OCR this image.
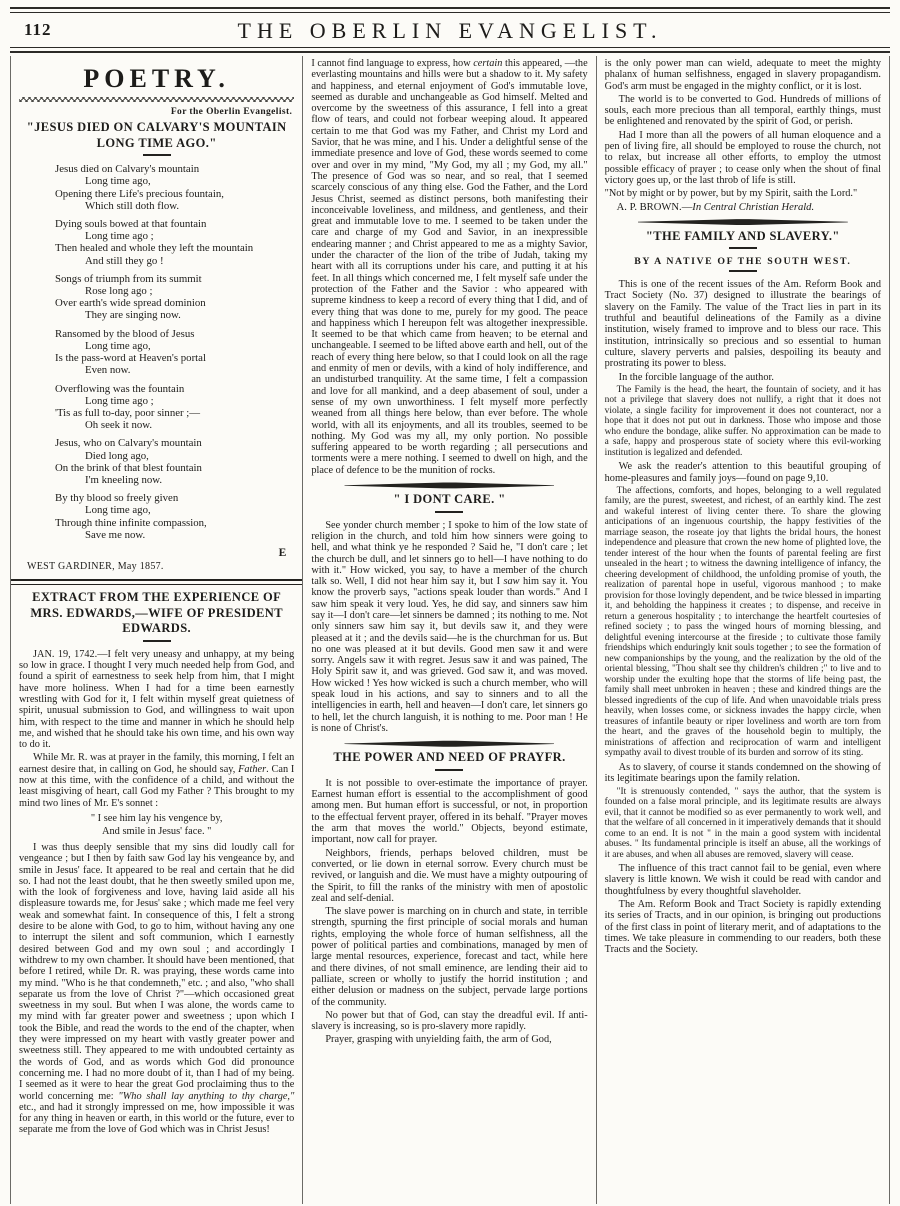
112	THE OBERLIN EVANGELIST.
POETRY.
For the Oberlin Evangelist.
"JESUS DIED ON CALVARY'S MOUNTAIN LONG TIME AGO."
Jesus died on Calvary's mountain
Long time ago,
Opening there Life's precious fountain,
Which still doth flow.
Dying souls bowed at that fountain
Long time ago ;
Then healed and whole they left the mountain
And still they go !
Songs of triumph from its summit
Rose long ago ;
Over earth's wide spread dominion
They are singing now.
Ransomed by the blood of Jesus
Long time ago,
Is the pass-word at Heaven's portal
Even now.
Overflowing was the fountain
Long time ago ;
'Tis as full to-day, poor sinner ;—
Oh seek it now.
Jesus, who on Calvary's mountain
Died long ago,
On the brink of that blest fountain
I'm kneeling now.
By thy blood so freely given
Long time ago,
Through thine infinite compassion,
Save me now.
E
WEST GARDINER, May 1857.
EXTRACT FROM THE EXPERIENCE OF MRS. EDWARDS,—WIFE OF PRESIDENT EDWARDS.
JAN. 19, 1742.—I felt very uneasy and unhappy, at my being so low in grace. I thought I very much needed help from God, and found a spirit of earnestness to seek help from him, that I might have more holiness. When I had for a time been earnestly wrestling with God for it, I felt within myself great quietness of spirit, unusual submission to God, and willingness to wait upon him, with respect to the time and manner in which he should help me, and wished that he should take his own time, and his own way to do it.
While Mr. R. was at prayer in the family, this morning, I felt an earnest desire that, in calling on God, he should say, Father. Can I now at this time, with the confidence of a child, and without the least misgiving of heart, call God my Father ? This brought to my mind two lines of Mr. E's sonnet :
" I see him lay his vengence by,
And smile in Jesus' face. "
I was thus deeply sensible that my sins did loudly call for vengeance ; but I then by faith saw God lay his vengeance by, and smile in Jesus' face. It appeared to be real and certain that he did so. I had not the least doubt, that he then sweetly smiled upon me, with the look of forgiveness and love, having laid aside all his displeasure towards me, for Jesus' sake ; which made me feel very weak and somewhat faint. In consequence of this, I felt a strong desire to be alone with God, to go to him, without having any one to interrupt the silent and soft communion, which I earnestly desired between God and my own soul ; and accordingly I withdrew to my own chamber. It should have been mentioned, that before I retired, while Dr. R. was praying, these words came into my mind. "Who is he that condemneth," etc. ; and also, "who shall separate us from the love of Christ ?"—which occasioned great sweetness in my soul. But when I was alone, the words came to my mind with far greater power and sweetness ; upon which I took the Bible, and read the words to the end of the chapter, when they were impressed on my heart with vastly greater power and sweetness still. They appeared to me with undoubted certainty as the words of God, and as words which God did pronounce concerning me. I had no more doubt of it, than I had of my being. I seemed as it were to hear the great God proclaiming thus to the world concerning me: "Who shall lay anything to thy charge," etc., and had it strongly impressed on me, how impossible it was for any thing in heaven or earth, in this world or the future, ever to separate me from the love of God which was in Christ Jesus!
I cannot find language to express, how certain this appeared, —the everlasting mountains and hills were but a shadow to it. My safety and happiness, and eternal enjoyment of God's immutable love, seemed as durable and unchangeable as God himself. Melted and overcome by the sweetness of this assurance, I fell into a great flow of tears, and could not forbear weeping aloud. It appeared certain to me that God was my Father, and Christ my Lord and Savior, that he was mine, and I his. Under a delightful sense of the immediate presence and love of God, these words seemed to come over and over in my mind, "My God, my all ; my God, my all." The presence of God was so near, and so real, that I seemed scarcely conscious of any thing else. God the Father, and the Lord Jesus Christ, seemed as distinct persons, both manifesting their inconceivable loveliness, and mildness, and gentleness, and their great and immutable love to me. I seemed to be taken under the care and charge of my God and Savior, in an inexpressible endearing manner ; and Christ appeared to me as a mighty Savior, under the character of the lion of the tribe of Judah, taking my heart with all its corruptions under his care, and putting it at his feet. In all things which concerned me, I felt myself safe under the protection of the Father and the Savior : who appeared with supreme kindness to keep a record of every thing that I did, and of every thing that was done to me, purely for my good. The peace and happiness which I hereupon felt was altogether inexpressible. It seemed to be that which came from heaven; to be eternal and unchangeable. I seemed to be lifted above earth and hell, out of the reach of every thing here below, so that I could look on all the rage and enmity of men or devils, with a kind of holy indifference, and an undisturbed tranquility. At the same time, I felt a compassion and love for all mankind, and a deep abasement of soul, under a sense of my own unworthiness. I felt myself more perfectly weaned from all things here below, than ever before. The whole world, with all its enjoyments, and all its troubles, seemed to be nothing. My God was my all, my only portion. No possible suffering appeared to be worth regarding ; all persecutions and torments were a mere nothing. I seemed to dwell on high, and the place of defence to be the munition of rocks.
" I DONT CARE. "
See yonder church member ; I spoke to him of the low state of religion in the church, and told him how sinners were going to hell, and what think ye he responded ? Said he, "I don't care ; let the church be dull, and let sinners go to hell—I have nothing to do with it." How wicked, you say, to have a member of the church talk so. Well, I did not hear him say it, but I saw him say it. You know the proverb says, "actions speak louder than words." And I saw him speak it very loud. Yes, he did say, and sinners saw him say it—I don't care—let sinners be damned ; its nothing to me. Not only sinners saw him say it, but devils saw it, and they were pleased at it ; and the devils said—he is the churchman for us. But no one was pleased at it but devils. Good men saw it and were sorry. Angels saw it with regret. Jesus saw it and was pained, The Holy Spirit saw it, and was grieved. God saw it, and was moved. How wicked ! Yes how wicked is such a church member, who will speak loud in his actions, and say to sinners and to all the intelligencies in earth, hell and heaven—I don't care, let sinners go to hell, let the church languish, it is nothing to me. Poor man ! He is none of Christ's.
THE POWER AND NEED OF PRAYFR.
It is not possible to over-estimate the importance of prayer. Earnest human effort is essential to the accomplishment of good among men. But human effort is successful, or not, in proportion to the effectual fervent prayer, offered in its behalf. "Prayer moves the arm that moves the world." Objects, beyond estimate, important, now call for prayer.
Neighbors, friends, perhaps beloved children, must be converted, or lie down in eternal sorrow. Every church must be revived, or languish and die. We must have a mighty outpouring of the Spirit, to fill the ranks of the ministry with men of apostolic zeal and self-denial.
The slave power is marching on in church and state, in terrible strength, spurning the first principle of social morals and human rights, employing the whole force of human selfishness, all the power of political parties and combinations, managed by men of large mental resources, experience, forecast and tact, while here and there divines, of not small eminence, are lending their aid to palliate, screen or wholly to justify the horrid institution ; and either delusion or madness on the subject, pervade large portions of the community.
No power but that of God, can stay the dreadful evil. If anti-slavery is increasing, so is pro-slavery more rapidly.
Prayer, grasping with unyielding faith, the arm of God,
is the only power man can wield, adequate to meet the mighty phalanx of human selfishness, engaged in slavery propagandism. God's arm must be engaged in the mighty conflict, or it is lost.
The world is to be converted to God. Hundreds of millions of souls, each more precious than all temporal, earthly things, must be enlightened and renovated by the spirit of God, or perish.
Had I more than all the powers of all human eloquence and a pen of living fire, all should be employed to rouse the church, not to relax, but increase all other efforts, to employ the utmost possible efficacy of prayer ; to cease only when the shout of final victory goes up, or the last throb of life is still.
"Not by might or by power, but by my Spirit, saith the Lord."
A. P. BROWN.—In Central Christian Herald.
"THE FAMILY AND SLAVERY."
BY A NATIVE OF THE SOUTH WEST.
This is one of the recent issues of the Am. Reform Book and Tract Society (No. 37) designed to illustrate the bearings of slavery on the Family. The value of the Tract lies in part in its truthful and beautiful delineations of the Family as a divine institution, wisely framed to improve and to bless our race. This institution, intrinsically so precious and so essential to human culture, slavery perverts and palsies, despoiling its beauty and prostrating its power to bless.
In the forcible language of the author.
The Family is the head, the heart, the fountain of society, and it has not a privilege that slavery does not nullify, a right that it does not violate, a single facility for improvement it does not counteract, nor a hope that it does not put out in darkness. Those who impose and those who endure the bondage, alike suffer. No approximation can be made to a safe, happy and prosperous state of society where this evil-working institution is legalized and defended.
We ask the reader's attention to this beautiful grouping of home-pleasures and family joys—found on page 9,10.
The affections, comforts, and hopes, belonging to a well regulated family, are the purest, sweetest, and richest, of an earthly kind. The zest and wakeful interest of living center there. To share the glowing anticipations of an ingenuous courtship, the happy festivities of the marriage season, the roseate joy that lights the bridal hours, the honest independence and pleasure that crown the new home of plighted love, the tender interest of the hour when the founts of parental feeling are first unsealed in the heart ; to witness the dawning intelligence of infancy, the cheering development of childhood, the unfolding promise of youth, the realization of parental hope in useful, vigorous manhood ; to make provision for those lovingly dependent, and be twice blessed in imparting it, and beholding the happiness it creates ; to dispense, and receive in return a generous hospitality ; to interchange the heartfelt courtesies of refined society ; to pass the winged hours of morning blessing, and delightful evening intercourse at the fireside ; to cultivate those family friendships which enduringly knit souls together ; to see the formation of new companionships by the young, and the realization by the old of the oriental blessing, "Thou shalt see thy children's children ;" to live and to worship under the exulting hope that the storms of life being past, the family shall meet unbroken in heaven ; these and kindred things are the blessed ingredients of the cup of life. And when unavoidable trials press heavily, when losses come, or sickness invades the happy circle, when treasures of infantile beauty or riper loveliness and worth are torn from the heart, and the graves of the household begin to multiply, the ministrations of affection and reciprocation of warm and intelligent sympathy avail to divest trouble of its burden and sorrow of its sting.
As to slavery, of course it stands condemned on the showing of its legitimate bearings upon the family relation.
"It is strenuously contended, " says the author, that the system is founded on a false moral principle, and its legitimate results are always evil, that it cannot be modified so as ever permanently to work well, and that the welfare of all concerned in it imperatively demands that it should come to an end. It is not " in the main a good system with incidental abuses. " Its fundamental principle is itself an abuse, all the workings of it are abuses, and when all abuses are removed, slavery will cease.
The influence of this tract cannot fail to be genial, even where slavery is little known. We wish it could be read with candor and thoughtfulness by every thoughtful slaveholder.
The Am. Reform Book and Tract Society is rapidly extending its series of Tracts, and in our opinion, is bringing out productions of the first class in point of literary merit, and of adaptations to the times. We take pleasure in commending to our readers, both these Tracts and the Society.
